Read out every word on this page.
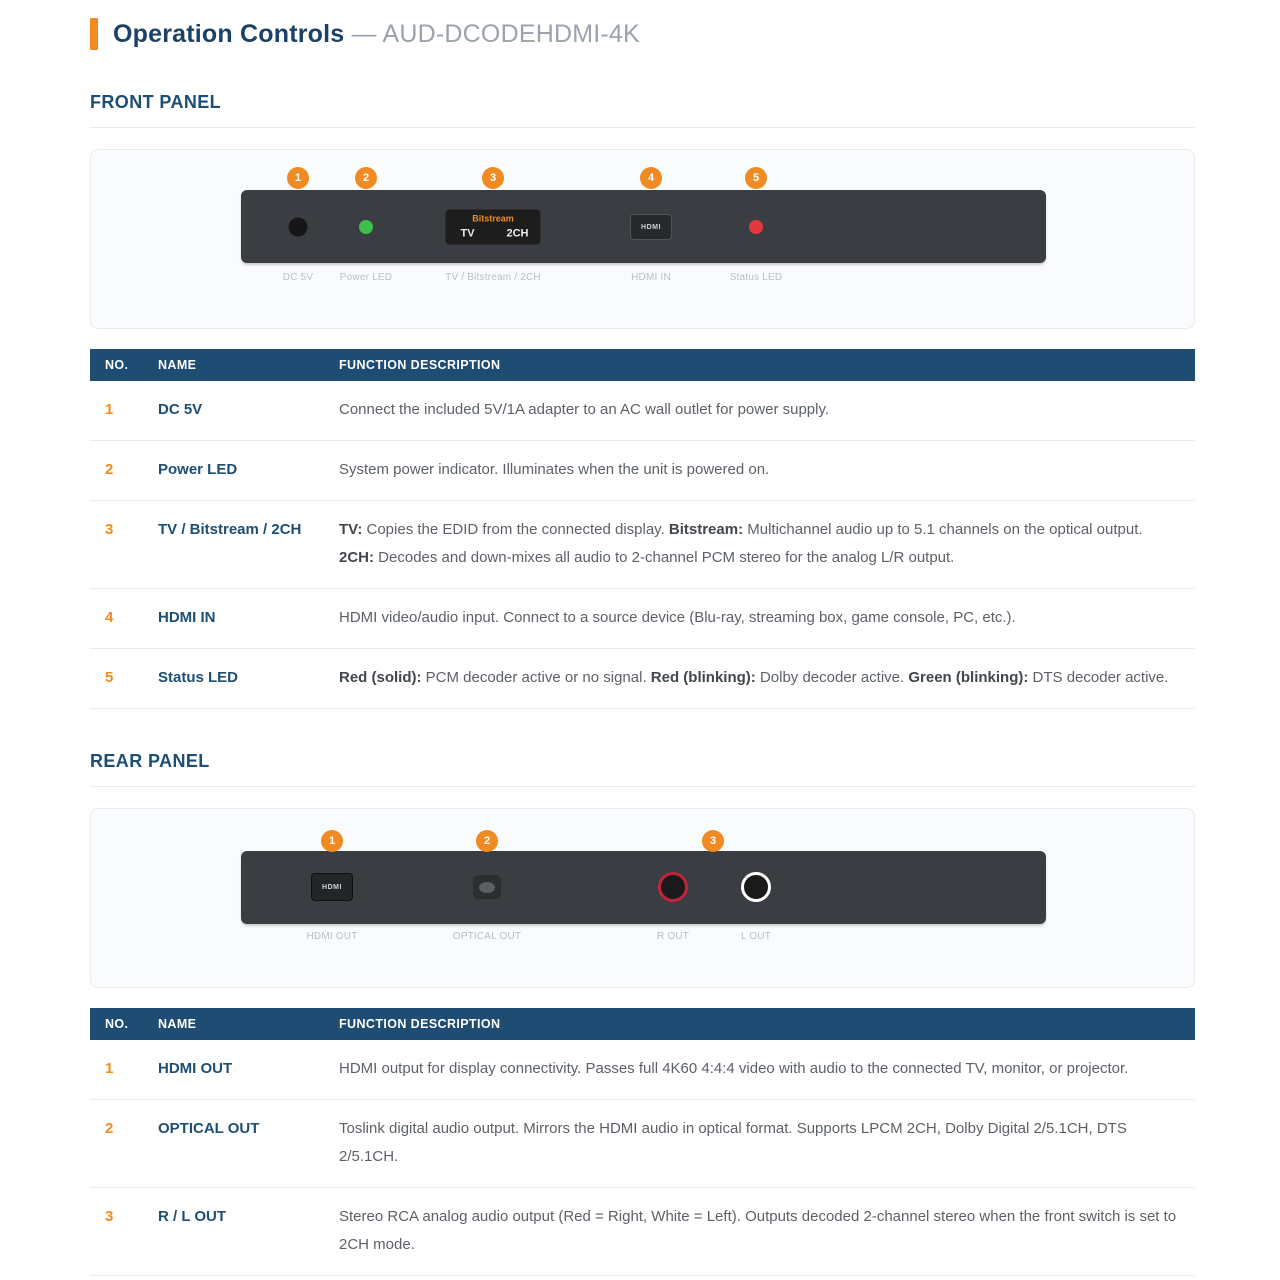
Operation Controls — AUD-DCODEHDMI-4K
FRONT PANEL
1	2	3	4	5
DC 5V	Power LED
Bitstream
TV	2CH
TV / Bitstream / 2CH
HDMI
HDMI IN	Status LED
NO.	NAME	FUNCTION DESCRIPTION
1	DC 5V	Connect the included 5V/1A adapter to an AC wall outlet for power supply.
2	Power LED	System power indicator. Illuminates when the unit is powered on.
3	TV / Bitstream / 2CH	TV: Copies the EDID from the connected display. Bitstream: Multichannel audio up to 5.1 channels on the optical output. 2CH: Decodes and down-mixes all audio to 2-channel PCM stereo for the analog L/R output.
4	HDMI IN	HDMI video/audio input. Connect to a source device (Blu-ray, streaming box, game console, PC, etc.).
5	Status LED	Red (solid): PCM decoder active or no signal. Red (blinking): Dolby decoder active. Green (blinking): DTS decoder active.
REAR PANEL
1	2	3
HDMI
HDMI OUT	OPTICAL OUT	R OUT	L OUT
NO.	NAME	FUNCTION DESCRIPTION
1	HDMI OUT	HDMI output for display connectivity. Passes full 4K60 4:4:4 video with audio to the connected TV, monitor, or projector.
2	OPTICAL OUT	Toslink digital audio output. Mirrors the HDMI audio in optical format. Supports LPCM 2CH, Dolby Digital 2/5.1CH, DTS 2/5.1CH.
3	R / L OUT	Stereo RCA analog audio output (Red = Right, White = Left). Outputs decoded 2-channel stereo when the front switch is set to 2CH mode.
